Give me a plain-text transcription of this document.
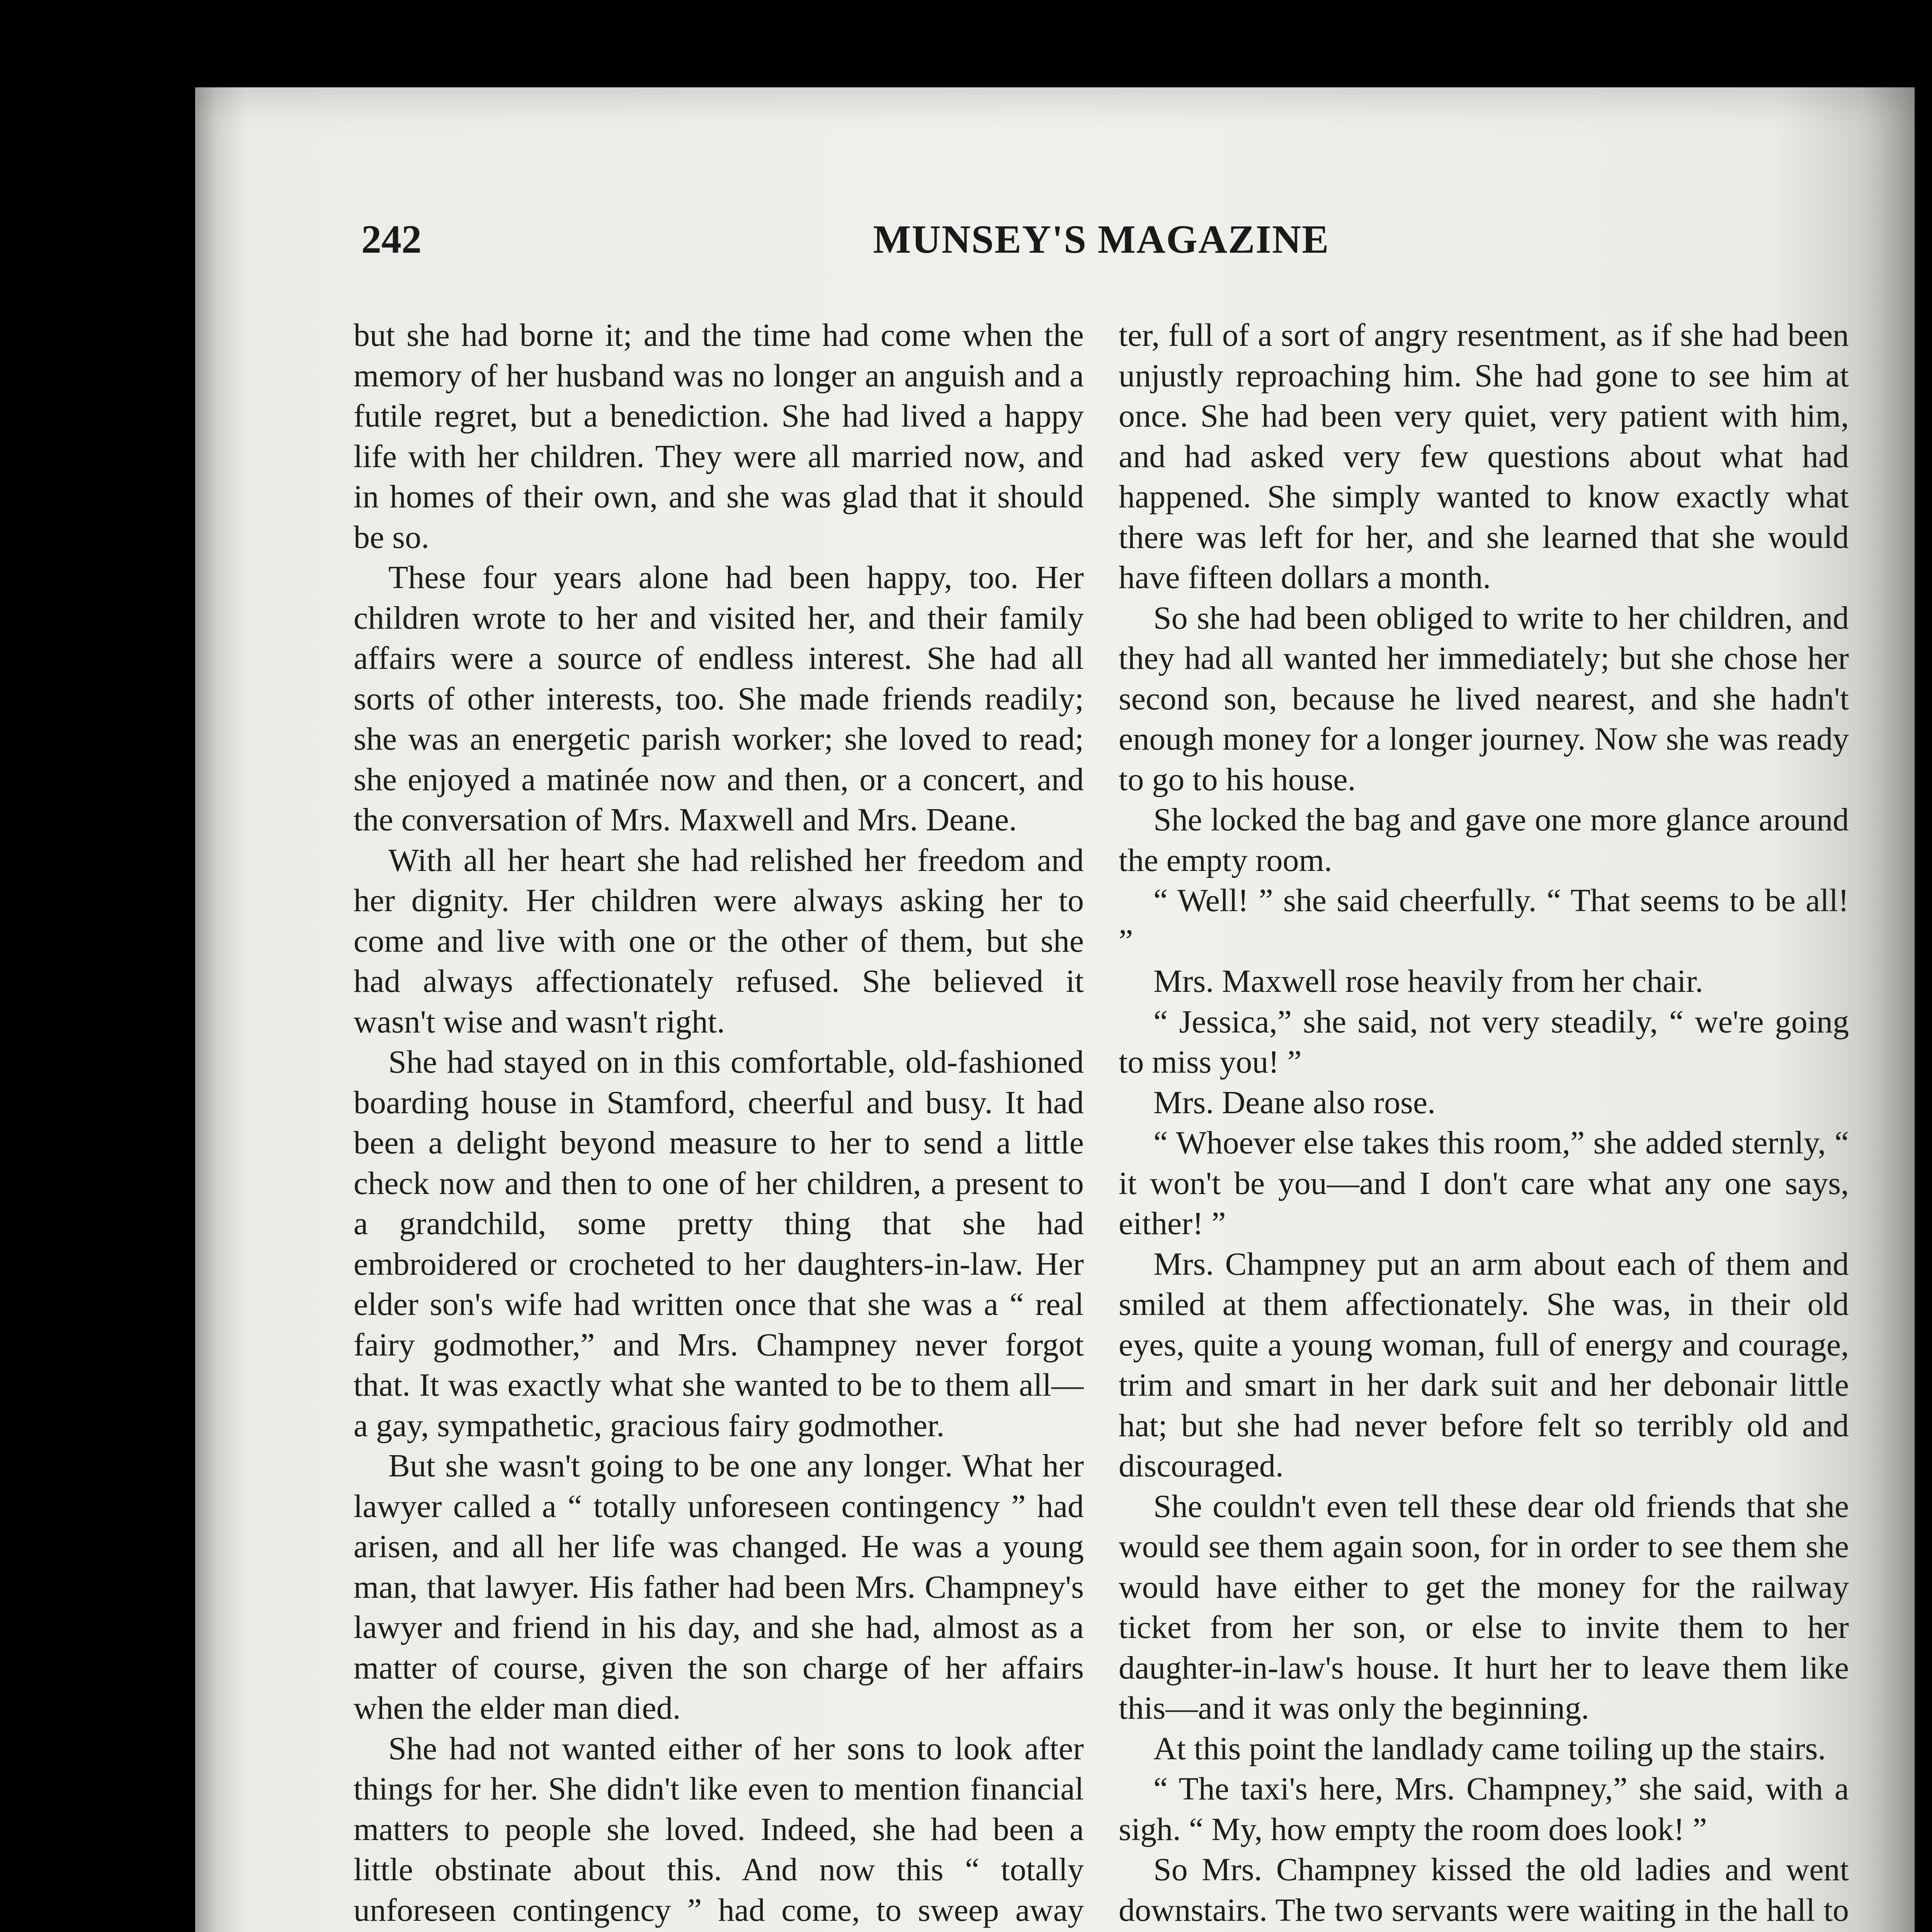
242	MUNSEY'S MAGAZINE

but she had borne it; and the time had come when the memory of her husband was no longer an anguish and a futile regret, but a benediction. She had lived a happy life with her children. They were all married now, and in homes of their own, and she was glad that it should be so.

These four years alone had been happy, too. Her children wrote to her and visited her, and their family affairs were a source of endless interest. She had all sorts of other interests, too. She made friends readily; she was an energetic parish worker; she loved to read; she enjoyed a matinée now and then, or a concert, and the conversation of Mrs. Maxwell and Mrs. Deane.

With all her heart she had relished her freedom and her dignity. Her children were always asking her to come and live with one or the other of them, but she had always affectionately refused. She believed it wasn't wise and wasn't right.

She had stayed on in this comfortable, old-fashioned boarding house in Stamford, cheerful and busy. It had been a delight beyond measure to her to send a little check now and then to one of her children, a present to a grandchild, some pretty thing that she had embroidered or crocheted to her daughters-in-law. Her elder son's wife had written once that she was a “ real fairy godmother,” and Mrs. Champney never forgot that. It was exactly what she wanted to be to them all—a gay, sympathetic, gracious fairy godmother.

But she wasn't going to be one any longer. What her lawyer called a “ totally unforeseen contingency ” had arisen, and all her life was changed. He was a young man, that lawyer. His father had been Mrs. Champney's lawyer and friend in his day, and she had, almost as a matter of course, given the son charge of her affairs when the elder man died.

She had not wanted either of her sons to look after things for her. She didn't like even to mention financial matters to people she loved. Indeed, she had been a little obstinate about this. And now this “ totally unforeseen contingency ” had come, to sweep away

ter, full of a sort of angry resentment, as if she had been unjustly reproaching him. She had gone to see him at once. She had been very quiet, very patient with him, and had asked very few questions about what had happened. She simply wanted to know exactly what there was left for her, and she learned that she would have fifteen dollars a month.

So she had been obliged to write to her children, and they had all wanted her immediately; but she chose her second son, because he lived nearest, and she hadn't enough money for a longer journey. Now she was ready to go to his house.

She locked the bag and gave one more glance around the empty room.

“ Well! ” she said cheerfully. “ That seems to be all! ”

Mrs. Maxwell rose heavily from her chair.

“ Jessica,” she said, not very steadily, “ we're going to miss you! ”

Mrs. Deane also rose.

“ Whoever else takes this room,” she added sternly, “ it won't be you—and I don't care what any one says, either! ”

Mrs. Champney put an arm about each of them and smiled at them affectionately. She was, in their old eyes, quite a young woman, full of energy and courage, trim and smart in her dark suit and her debonair little hat; but she had never before felt so terribly old and discouraged.

She couldn't even tell these dear old friends that she would see them again soon, for in order to see them she would have either to get the money for the railway ticket from her son, or else to invite them to her daughter-in-law's house. It hurt her to leave them like this—and it was only the beginning.

At this point the landlady came toiling up the stairs.

“ The taxi's here, Mrs. Champney,” she said, with a sigh. “ My, how empty the room does look! ”

So Mrs. Champney kissed the old ladies and went downstairs. The two servants were waiting in the hall to
